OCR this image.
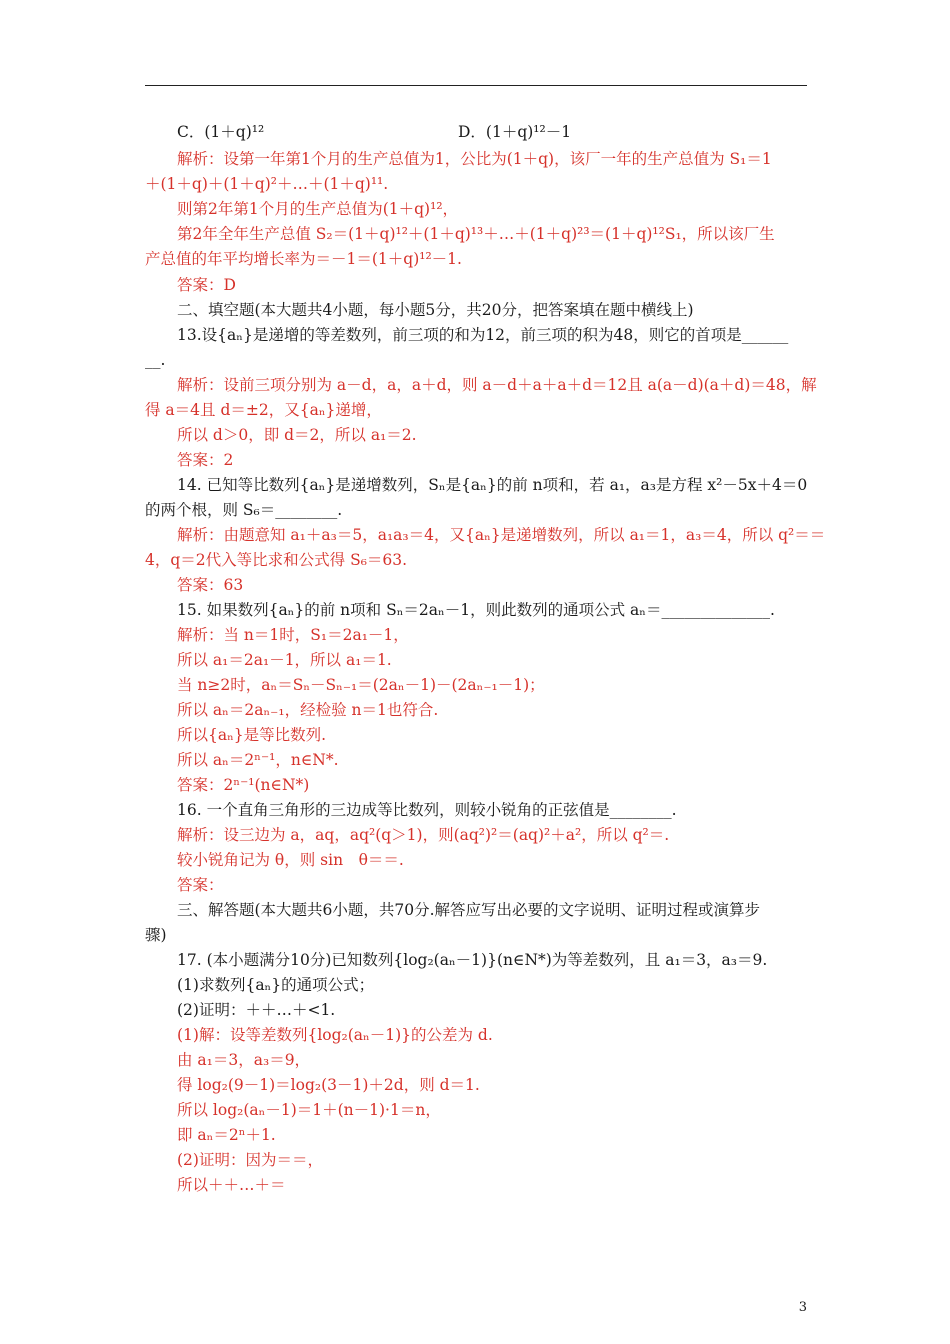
C．(1＋q)¹²	D．(1＋q)¹²－1
解析：设第一年第1个月的生产总值为1，公比为(1＋q)，该厂一年的生产总值为 S₁＝1
＋(1＋q)＋(1＋q)²＋…＋(1＋q)¹¹.
则第2年第1个月的生产总值为(1＋q)¹²，
第2年全年生产总值 S₂＝(1＋q)¹²＋(1＋q)¹³＋…＋(1＋q)²³＝(1＋q)¹²S₁，所以该厂生
产总值的年平均增长率为＝－1＝(1＋q)¹²－1.
答案：D
二、填空题(本大题共4小题，每小题5分，共20分，把答案填在题中横线上)
13.设{aₙ}是递增的等差数列，前三项的和为12，前三项的积为48，则它的首项是______
__.
解析：设前三项分别为 a－d，a，a＋d，则 a－d＋a＋a＋d＝12且 a(a－d)(a＋d)＝48，解
得 a＝4且 d＝±2，又{aₙ}递增，
所以 d＞0，即 d＝2，所以 a₁＝2.
答案：2
14. 已知等比数列{aₙ}是递增数列，Sₙ是{aₙ}的前 n项和，若 a₁，a₃是方程 x²－5x＋4＝0
的两个根，则 S₆＝________.
解析：由题意知 a₁＋a₃＝5，a₁a₃＝4，又{aₙ}是递增数列，所以 a₁＝1，a₃＝4，所以 q²＝＝
4，q＝2代入等比求和公式得 S₆＝63.
答案：63
15. 如果数列{aₙ}的前 n项和 Sₙ＝2aₙ－1，则此数列的通项公式 aₙ＝______________.
解析：当 n＝1时，S₁＝2a₁－1，
所以 a₁＝2a₁－1，所以 a₁＝1.
当 n≥2时，aₙ＝Sₙ－Sₙ₋₁＝(2aₙ－1)－(2aₙ₋₁－1)；
所以 aₙ＝2aₙ₋₁，经检验 n＝1也符合.
所以{aₙ}是等比数列.
所以 aₙ＝2ⁿ⁻¹，n∈N*.
答案：2ⁿ⁻¹(n∈N*)
16. 一个直角三角形的三边成等比数列，则较小锐角的正弦值是________.
解析：设三边为 a，aq，aq²(q＞1)，则(aq²)²＝(aq)²＋a²，所以 q²＝.
较小锐角记为 θ，则 sin　θ＝＝.
答案：
三、解答题(本大题共6小题，共70分.解答应写出必要的文字说明、证明过程或演算步
骤)
17. (本小题满分10分)已知数列{log₂(aₙ－1)}(n∈N*)为等差数列，且 a₁＝3，a₃＝9.
(1)求数列{aₙ}的通项公式；
(2)证明：＋＋…＋<1.
(1)解：设等差数列{log₂(aₙ－1)}的公差为 d.
由 a₁＝3，a₃＝9，
得 log₂(9－1)＝log₂(3－1)＋2d，则 d＝1.
所以 log₂(aₙ－1)＝1＋(n－1)·1＝n，
即 aₙ＝2ⁿ＋1.
(2)证明：因为＝＝，
所以＋＋…＋＝
3
